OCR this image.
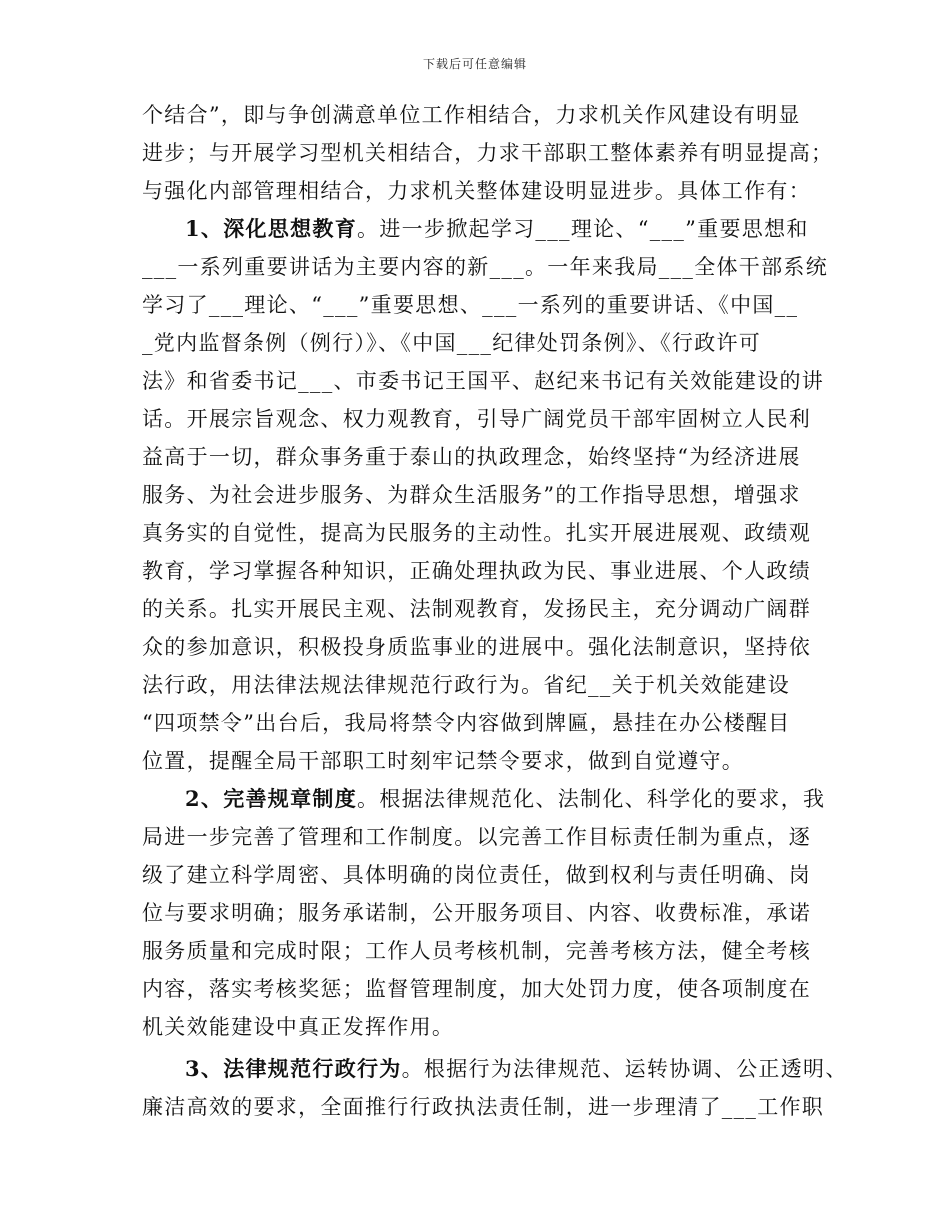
下载后可任意编辑
个结合”，即与争创满意单位工作相结合，力求机关作风建设有明显
进步；与开展学习型机关相结合，力求干部职工整体素养有明显提高；
与强化内部管理相结合，力求机关整体建设明显进步。具体工作有：
1、深化思想教育。进一步掀起学习___理论、“___”重要思想和
___一系列重要讲话为主要内容的新___。一年来我局___全体干部系统
学习了___理论、“___”重要思想、___一系列的重要讲话、《中国__
_党内监督条例（例行）》、《中国___纪律处罚条例》、《行政许可
法》和省委书记___、市委书记王国平、赵纪来书记有关效能建设的讲
话。开展宗旨观念、权力观教育，引导广阔党员干部牢固树立人民利
益高于一切，群众事务重于泰山的执政理念，始终坚持“为经济进展
服务、为社会进步服务、为群众生活服务”的工作指导思想，增强求
真务实的自觉性，提高为民服务的主动性。扎实开展进展观、政绩观
教育，学习掌握各种知识，正确处理执政为民、事业进展、个人政绩
的关系。扎实开展民主观、法制观教育，发扬民主，充分调动广阔群
众的参加意识，积极投身质监事业的进展中。强化法制意识，坚持依
法行政，用法律法规法律规范行政行为。省纪__关于机关效能建设
“四项禁令”出台后，我局将禁令内容做到牌匾，悬挂在办公楼醒目
位置，提醒全局干部职工时刻牢记禁令要求，做到自觉遵守。
2、完善规章制度。根据法律规范化、法制化、科学化的要求，我
局进一步完善了管理和工作制度。以完善工作目标责任制为重点，逐
级了建立科学周密、具体明确的岗位责任，做到权利与责任明确、岗
位与要求明确；服务承诺制，公开服务项目、内容、收费标准，承诺
服务质量和完成时限；工作人员考核机制，完善考核方法，健全考核
内容，落实考核奖惩；监督管理制度，加大处罚力度，使各项制度在
机关效能建设中真正发挥作用。
3、法律规范行政行为。根据行为法律规范、运转协调、公正透明、
廉洁高效的要求，全面推行行政执法责任制，进一步理清了___工作职
